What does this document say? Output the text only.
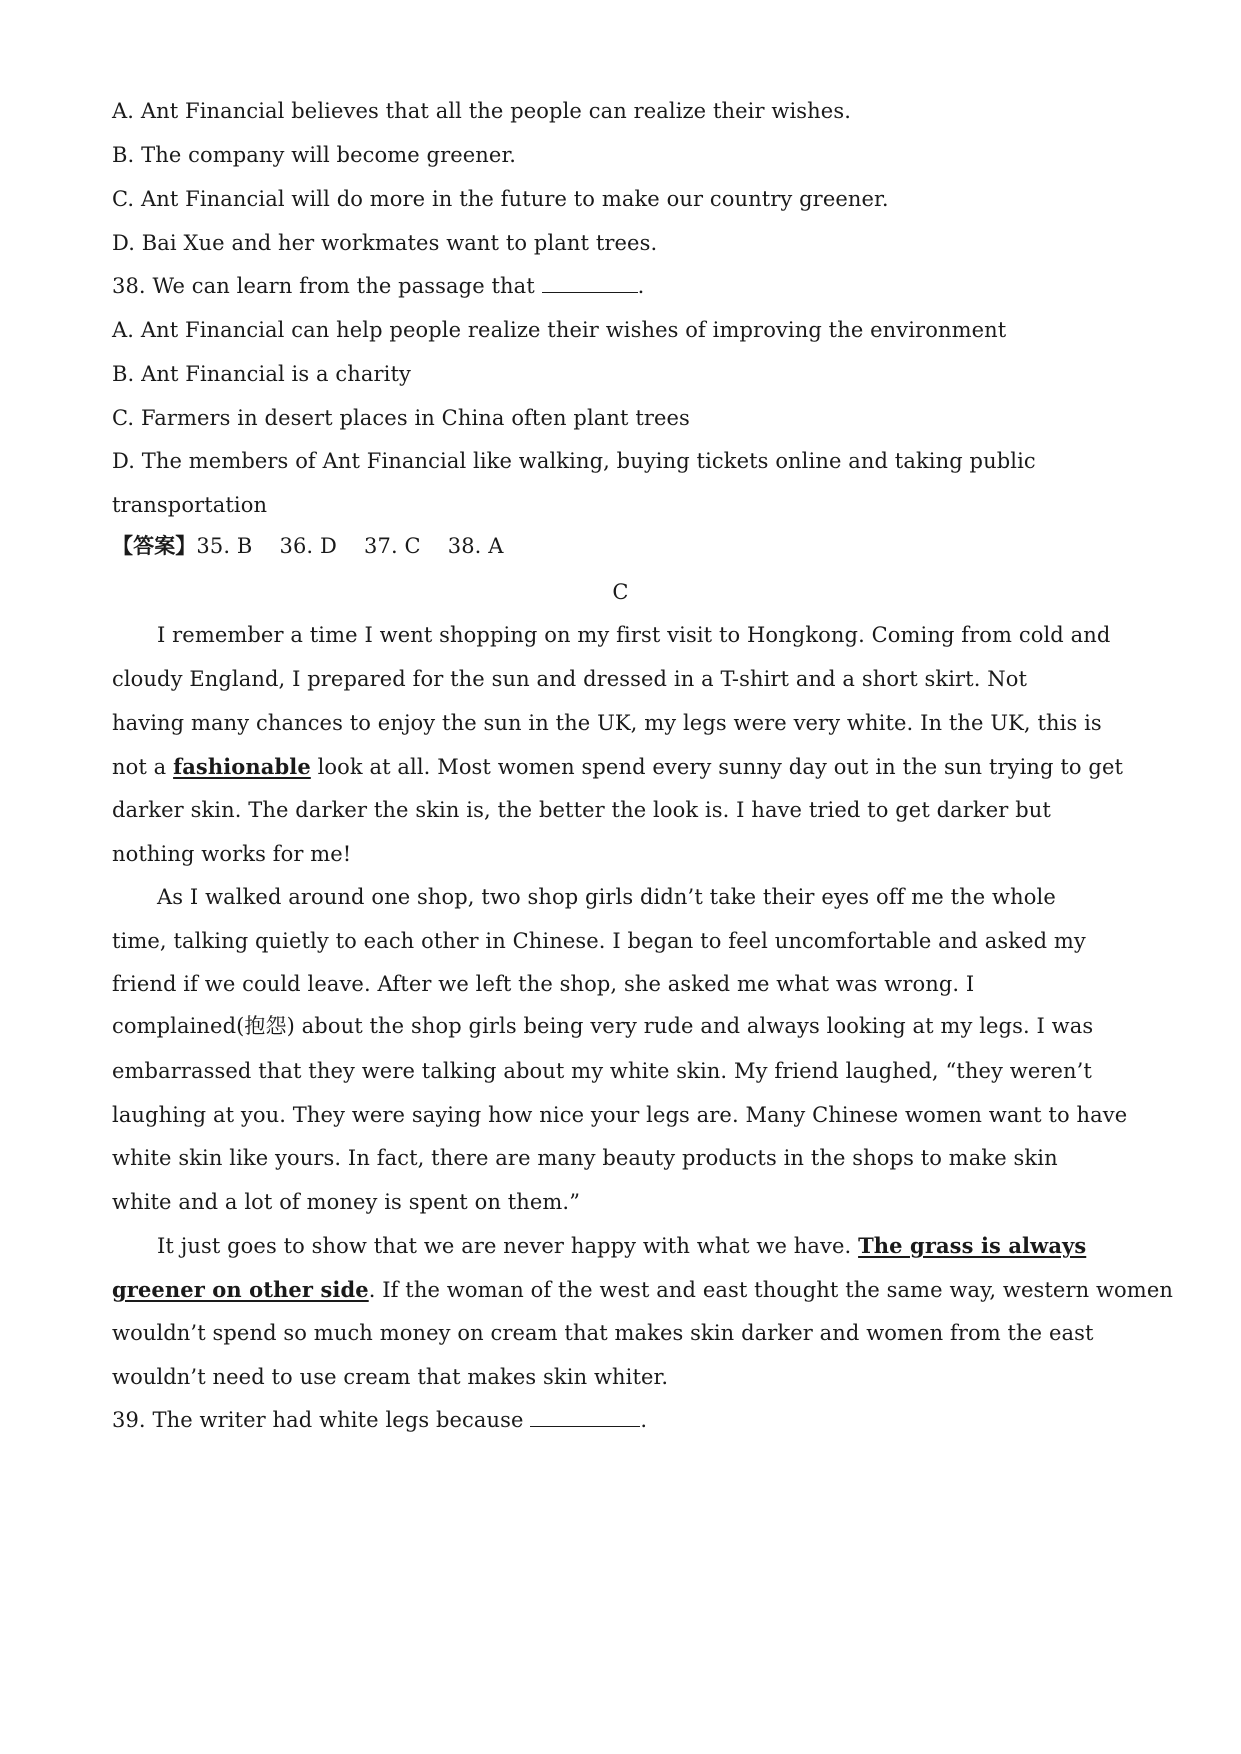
A. Ant Financial believes that all the people can realize their wishes.
B. The company will become greener.
C. Ant Financial will do more in the future to make our country greener.
D. Bai Xue and her workmates want to plant trees.
38. We can learn from the passage that	.
A. Ant Financial can help people realize their wishes of improving the environment
B. Ant Financial is a charity
C. Farmers in desert places in China often plant trees
D. The members of Ant Financial like walking, buying tickets online and taking public
transportation
【答案】35. B    36. D    37. C    38. A
C
I remember a time I went shopping on my first visit to Hongkong. Coming from cold and
cloudy England, I prepared for the sun and dressed in a T-shirt and a short skirt. Not
having many chances to enjoy the sun in the UK, my legs were very white. In the UK, this is
not a fashionable look at all. Most women spend every sunny day out in the sun trying to get
darker skin. The darker the skin is, the better the look is. I have tried to get darker but
nothing works for me!
As I walked around one shop, two shop girls didn’t take their eyes off me the whole
time, talking quietly to each other in Chinese. I began to feel uncomfortable and asked my
friend if we could leave. After we left the shop, she asked me what was wrong. I
complained(抱怨) about the shop girls being very rude and always looking at my legs. I was
embarrassed that they were talking about my white skin. My friend laughed, “they weren’t
laughing at you. They were saying how nice your legs are. Many Chinese women want to have
white skin like yours. In fact, there are many beauty products in the shops to make skin
white and a lot of money is spent on them.”
It just goes to show that we are never happy with what we have. The grass is always
greener on other side. If the woman of the west and east thought the same way, western women
wouldn’t spend so much money on cream that makes skin darker and women from the east
wouldn’t need to use cream that makes skin whiter.
39. The writer had white legs because	.
